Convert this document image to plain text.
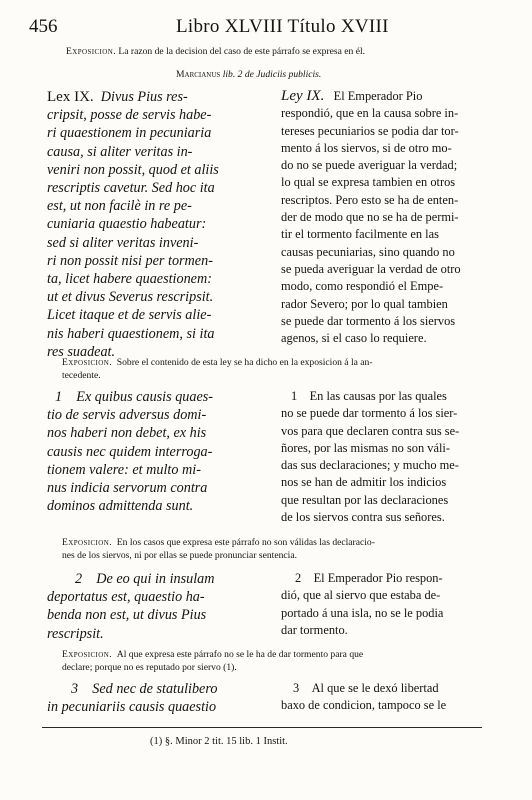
456	Libro XLVIII Título XVIII
Exposicion. La razon de la decision del caso de este párrafo se expresa en él.
Marcianus lib. 2 de Judiciis publicis.
Lex IX. Divus Pius res-
cripsit, posse de servis habe-
ri quaestionem in pecuniaria
causa, si aliter veritas in-
veniri non possit, quod et aliis
rescriptis cavetur. Sed hoc ita
est, ut non facilè in re pe-
cuniaria quaestio habeatur:
sed si aliter veritas inveni-
ri non possit nisi per tormen-
ta, licet habere quaestionem:
ut et divus Severus rescripsit.
Licet itaque et de servis alie-
nis haberi quaestionem, si ita
res suadeat.
Ley IX. El Emperador Pio
respondió, que en la causa sobre in-
tereses pecuniarios se podia dar tor-
mento á los siervos, si de otro mo-
do no se puede averiguar la verdad;
lo qual se expresa tambien en otros
rescriptos. Pero esto se ha de enten-
der de modo que no se ha de permi-
tir el tormento facilmente en las
causas pecuniarias, sino quando no
se pueda averiguar la verdad de otro
modo, como respondió el Empe-
rador Severo; por lo qual tambien
se puede dar tormento á los siervos
agenos, si el caso lo requiere.
Exposicion. Sobre el contenido de esta ley se ha dicho en la exposicion á la an-
tecedente.
1 Ex quibus causis quaes-
tio de servis adversus domi-
nos haberi non debet, ex his
causis nec quidem interroga-
tionem valere: et multo mi-
nus indicia servorum contra
dominos admittenda sunt.
1 En las causas por las quales
no se puede dar tormento á los sier-
vos para que declaren contra sus se-
ñores, por las mismas no son váli-
das sus declaraciones; y mucho me-
nos se han de admitir los indicios
que resultan por las declaraciones
de los siervos contra sus señores.
Exposicion. En los casos que expresa este párrafo no son válidas las declaracio-
nes de los siervos, ni por ellas se puede pronunciar sentencia.
2 De eo qui in insulam
deportatus est, quaestio ha-
benda non est, ut divus Pius
rescripsit.
2 El Emperador Pio respon-
dió, que al siervo que estaba de-
portado á una isla, no se le podia
dar tormento.
Exposicion. Al que expresa este párrafo no se le ha de dar tormento para que
declare; porque no es reputado por siervo (1).
3 Sed nec de statulibero
in pecuniariis causis quaestio
3 Al que se le dexó libertad
baxo de condicion, tampoco se le
(1) §. Minor 2 tit. 15 lib. 1 Instit.
